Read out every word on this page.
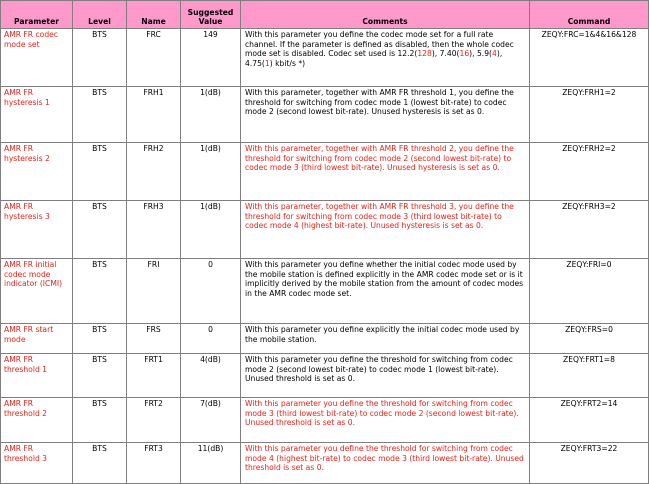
Parameter	Level	Name	Suggested Value	Comments	Command
AMR FR codec mode set	BTS	FRC	149	With this parameter you define the codec mode set for a full rate channel. If the parameter is defined as disabled, then the whole codec mode set is disabled. Codec set used is 12.2(128), 7.40(16), 5.9(4), 4.75(1) kbit/s *)	ZEQY:FRC=1&4&16&128
AMR FR hysteresis 1	BTS	FRH1	1(dB)	With this parameter, together with AMR FR threshold 1, you define the threshold for switching from codec mode 1 (lowest bit-rate) to codec mode 2 (second lowest bit-rate). Unused hysteresis is set as 0.	ZEQY:FRH1=2
AMR FR hysteresis 2	BTS	FRH2	1(dB)	With this parameter, together with AMR FR threshold 2, you define the threshold for switching from codec mode 2 (second lowest bit-rate) to codec mode 3 (third lowest bit-rate). Unused hysteresis is set as 0.	ZEQY:FRH2=2
AMR FR hysteresis 3	BTS	FRH3	1(dB)	With this parameter, together with AMR FR threshold 3, you define the threshold for switching from codec mode 3 (third lowest bit-rate) to codec mode 4 (highest bit-rate). Unused hysteresis is set as 0.	ZEQY:FRH3=2
AMR FR initial codec mode indicator (ICMI)	BTS	FRI	0	With this parameter you define whether the initial codec mode used by the mobile station is defined explicitly in the AMR codec mode set or is it implicitly derived by the mobile station from the amount of codec modes in the AMR codec mode set.	ZEQY:FRI=0
AMR FR start mode	BTS	FRS	0	With this parameter you define explicitly the initial codec mode used by the mobile station.	ZEQY:FRS=0
AMR FR threshold 1	BTS	FRT1	4(dB)	With this parameter you define the threshold for switching from codec mode 2 (second lowest bit-rate) to codec mode 1 (lowest bit-rate). Unused threshold is set as 0.	ZEQY:FRT1=8
AMR FR threshold 2	BTS	FRT2	7(dB)	With this parameter you define the threshold for switching from codec mode 3 (third lowest bit-rate) to codec mode 2 (second lowest bit-rate). Unused threshold is set as 0.	ZEQY:FRT2=14
AMR FR threshold 3	BTS	FRT3	11(dB)	With this parameter you define the threshold for switching from codec mode 4 (highest bit-rate) to codec mode 3 (third lowest bit-rate). Unused threshold is set as 0.	ZEQY:FRT3=22
